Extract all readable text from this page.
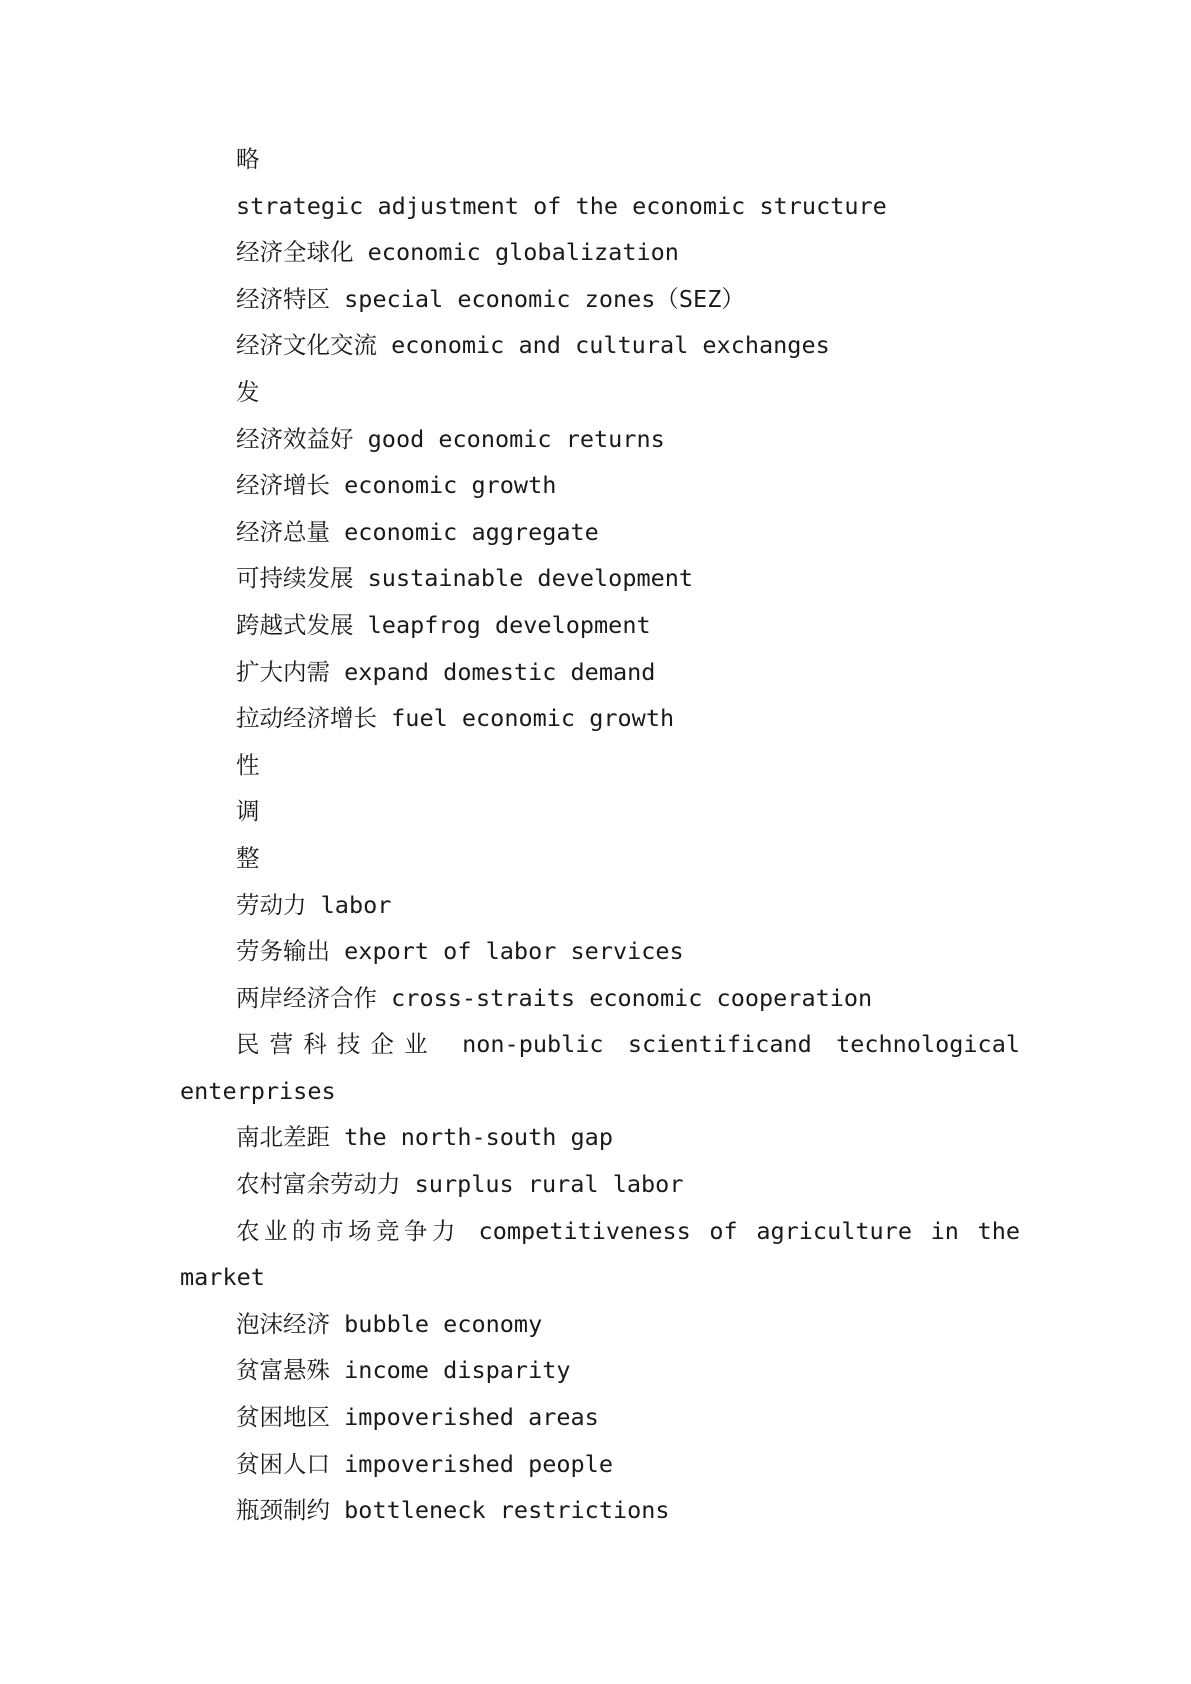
略
strategic adjustment of the economic structure
经济全球化 economic globalization
经济特区 special economic zones（SEZ）
经济文化交流 economic and cultural exchanges
发
经济效益好 good economic returns
经济增长 economic growth
经济总量 economic aggregate
可持续发展 sustainable development
跨越式发展 leapfrog development
扩大内需 expand domestic demand
拉动经济增长 fuel economic growth
性
调
整
劳动力 labor
劳务输出 export of labor services
两岸经济合作 cross-straits economic cooperation
民营科技企业 non-public scientificand technological
enterprises
南北差距 the north-south gap
农村富余劳动力 surplus rural labor
农业的市场竞争力 competitiveness of agriculture in the
market
泡沫经济 bubble economy
贫富悬殊 income disparity
贫困地区 impoverished areas
贫困人口 impoverished people
瓶颈制约 bottleneck restrictions
